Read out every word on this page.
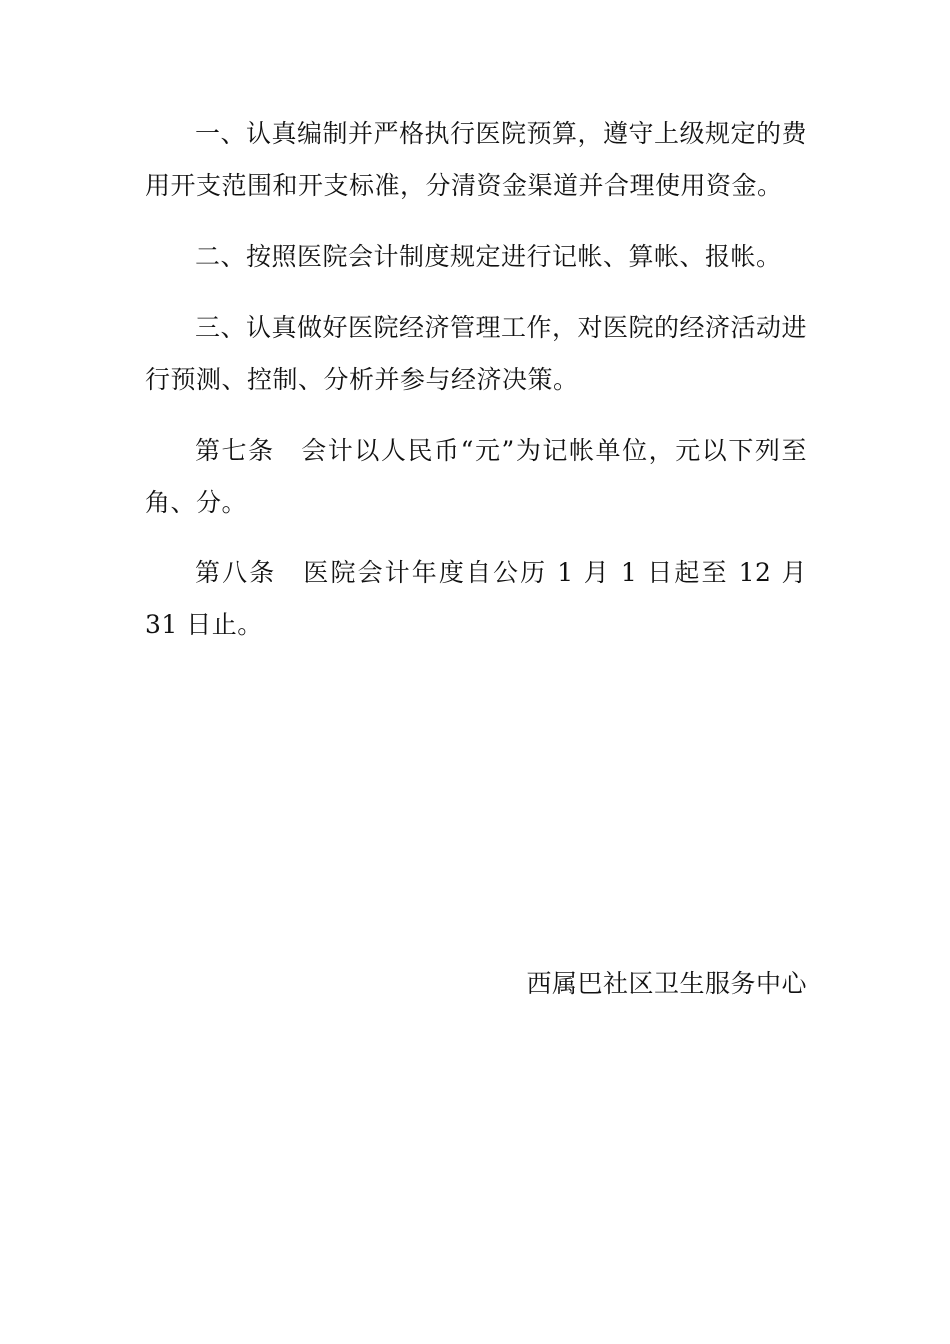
一、认真编制并严格执行医院预算，遵守上级规定的费用开支范围和开支标准，分清资金渠道并合理使用资金。

二、按照医院会计制度规定进行记帐、算帐、报帐。

三、认真做好医院经济管理工作，对医院的经济活动进行预测、控制、分析并参与经济决策。

第七条　会计以人民币“元”为记帐单位，元以下列至角、分。

第八条　医院会计年度自公历 1 月 1 日起至 12 月 31 日止。

西属巴社区卫生服务中心
